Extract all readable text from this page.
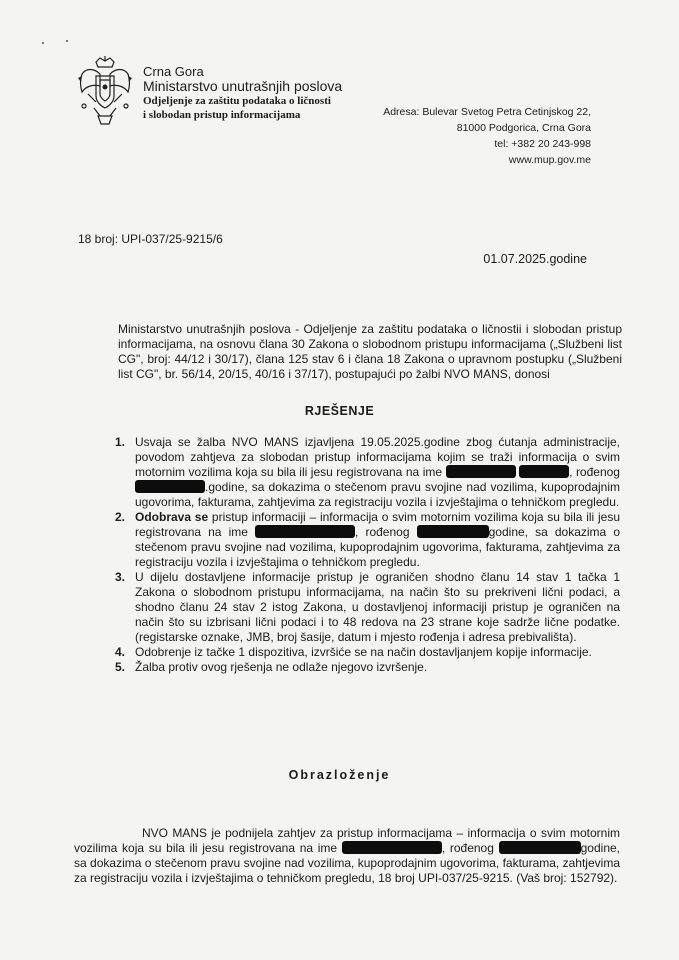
Crna Gora
Ministarstvo unutrašnjih poslova
Odjeljenje za zaštitu podataka o ličnosti
i slobodan pristup informacijama	Adresa: Bulevar Svetog Petra Cetinjskog 22,
81000 Podgorica, Crna Gora
tel: +382 20 243-998
www.mup.gov.me
18 broj: UPI-037/25-9215/6
01.07.2025.godine
Ministarstvo unutrašnjih poslova - Odjeljenje za zaštitu podataka o ličnostii i slobodan pristup informacijama, na osnovu člana 30 Zakona o slobodnom pristupu informacijama („Službeni list CG", broj: 44/12 i 30/17), člana 125 stav 6 i člana 18 Zakona o upravnom postupku („Službeni list CG", br. 56/14, 20/15, 40/16 i 37/17), postupajući po žalbi NVO MANS, donosi
RJEŠENJE
1. Usvaja se žalba NVO MANS izjavljena 19.05.2025.godine zbog ćutanja administracije, povodom zahtjeva za slobodan pristup informacijama kojim se traži informacija o svim motornim vozilima koja su bila ili jesu registrovana na ime	, rođenog .godine, sa dokazima o stečenom pravu svojine nad vozilima, kupoprodajnim ugovorima, fakturama, zahtjevima za registraciju vozila i izvještajima o tehničkom pregledu.
2. Odobrava se pristup informaciji – informacija o svim motornim vozilima koja su bila ili jesu registrovana na ime	, rođenog	godine, sa dokazima o stečenom pravu svojine nad vozilima, kupoprodajnim ugovorima, fakturama, zahtjevima za registraciju vozila i izvještajima o tehničkom pregledu.
3. U dijelu dostavljene informacije pristup je ograničen shodno članu 14 stav 1 tačka 1 Zakona o slobodnom pristupu informacijama, na način što su prekriveni lični podaci, a shodno članu 24 stav 2 istog Zakona, u dostavljenoj informaciji pristup je ograničen na način što su izbrisani lični podaci i to 48 redova na 23 strane koje sadrže lične podatke. (registarske oznake, JMB, broj šasije, datum i mjesto rođenja i adresa prebivališta).
4. Odobrenje iz tačke 1 dispozitiva, izvršiće se na način dostavljanjem kopije informacije.
5. Žalba protiv ovog rješenja ne odlaže njegovo izvršenje.
Obrazloženje
NVO MANS je podnijela zahtjev za pristup informacijama – informacija o svim motornim vozilima koja su bila ili jesu registrovana na ime	, rođenog	godine, sa dokazima o stečenom pravu svojine nad vozilima, kupoprodajnim ugovorima, fakturama, zahtjevima za registraciju vozila i izvještajima o tehničkom pregledu, 18 broj UPI-037/25-9215. (Vaš broj: 152792).
